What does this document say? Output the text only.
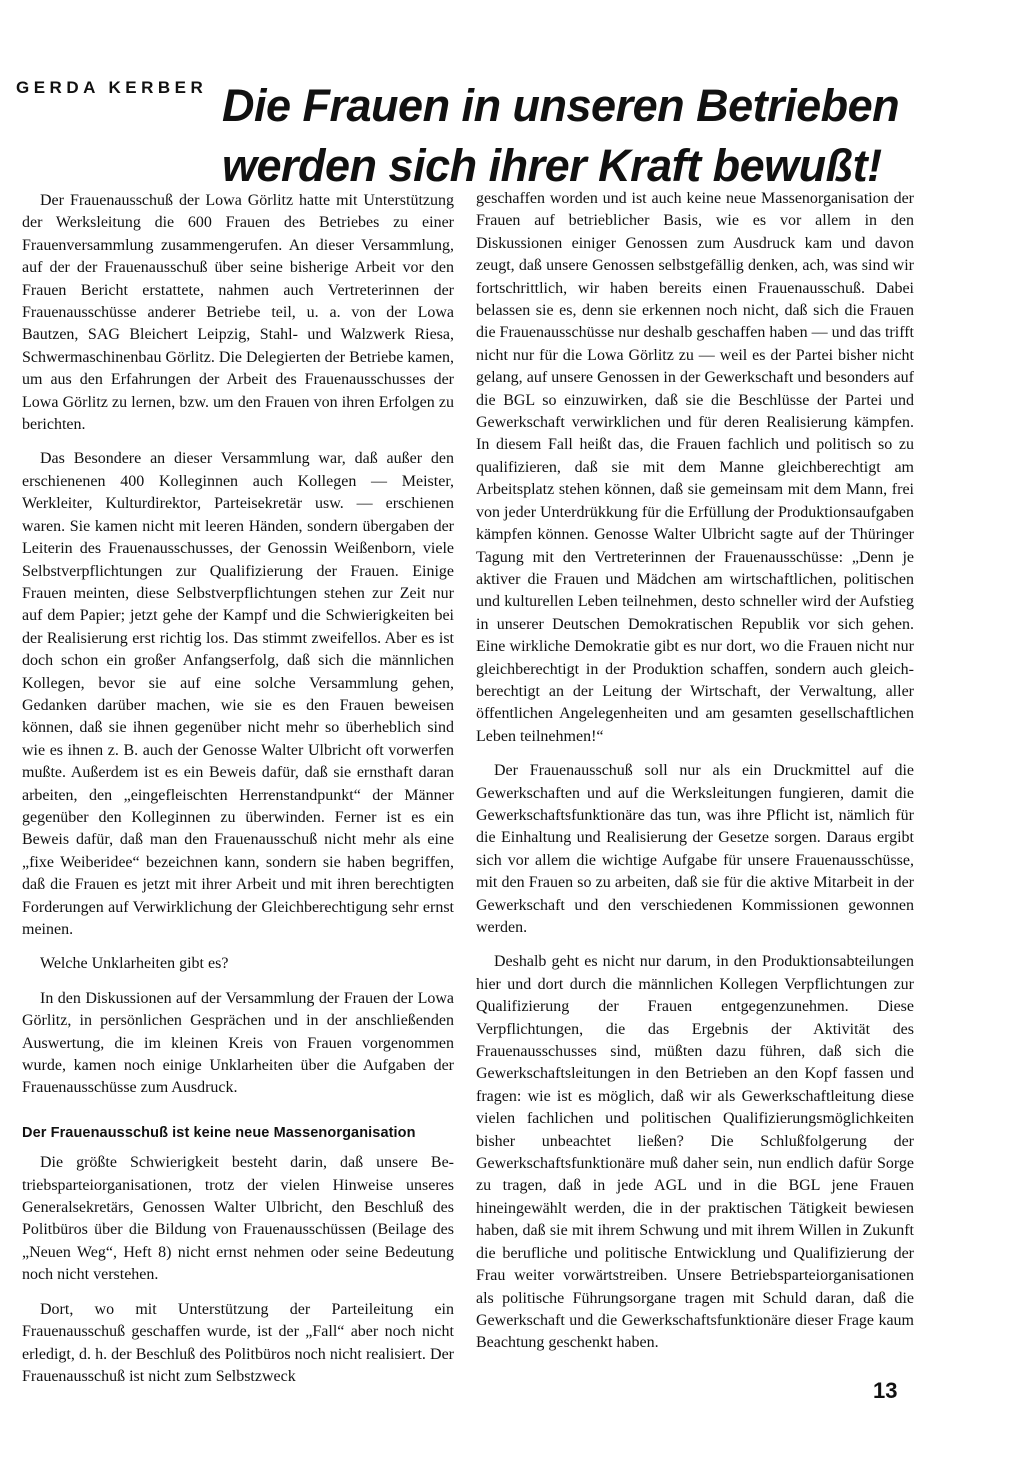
GERDA KERBER Die Frauen in unseren Betrieben
werden sich ihrer Kraft bewußt!

Der Frauenausschuß der Lowa Görlitz hatte mit Unterstützung der Werksleitung die 600 Frauen des Betriebes zu einer Frauenversammlung zusammengerufen. An dieser Versammlung, auf der der Frauenausschuß über seine bisherige Arbeit vor den Frauen Bericht erstattete, nahmen auch Vertreterinnen der Frauenausschüsse anderer Betriebe teil, u. a. von der Lowa Bautzen, SAG Bleichert Leipzig, Stahl- und Walzwerk Riesa, Schwermaschinenbau Görlitz. Die Delegierten der Betriebe kamen, um aus den Erfahrungen der Arbeit des Frauenausschusses der Lowa Görlitz zu lernen, bzw. um den Frauen von ihren Erfolgen zu berichten.

Das Besondere an dieser Versammlung war, daß außer den erschienenen 400 Kolleginnen auch Kollegen — Meister, Werkleiter, Kulturdirektor, Parteisekretär usw. — erschienen waren. Sie kamen nicht mit leeren Händen, sondern übergaben der Leiterin des Frauenausschusses, der Genossin Weißenborn, viele Selbstverpflichtungen zur Qualifizierung der Frauen. Einige Frauen meinten, diese Selbstverpflichtungen stehen zur Zeit nur auf dem Papier; jetzt gehe der Kampf und die Schwierigkeiten bei der Realisierung erst richtig los. Das stimmt zweifellos. Aber es ist doch schon ein großer Anfangserfolg, daß sich die männlichen Kollegen, bevor sie auf eine solche Versammlung gehen, Gedanken darüber machen, wie sie es den Frauen beweisen können, daß sie ihnen gegenüber nicht mehr so überheblich sind wie es ihnen z. B. auch der Genosse Walter Ulbricht oft vorwerfen mußte. Außerdem ist es ein Beweis dafür, daß sie ernsthaft daran arbeiten, den „eingefleischten Herrenstandpunkt“ der Männer gegenüber den Kolleginnen zu überwinden. Ferner ist es ein Beweis dafür, daß man den Frauenausschuß nicht mehr als eine „fixe Weiberidee“ bezeichnen kann, sondern sie haben begriffen, daß die Frauen es jetzt mit ihrer Arbeit und mit ihren berechtigten Forderungen auf Verwirklichung der Gleichberechtigung sehr ernst meinen.

Welche Unklarheiten gibt es?

In den Diskussionen auf der Versammlung der Frauen der Lowa Görlitz, in persönlichen Gesprächen und in der anschließenden Auswertung, die im kleinen Kreis von Frauen vorgenommen wurde, kamen noch einige Unklarheiten über die Aufgaben der Frauenausschüsse zum Ausdruck.

Der Frauenausschuß ist keine neue Massenorganisation

Die größte Schwierigkeit besteht darin, daß unsere Betriebsparteiorganisationen, trotz der vielen Hinweise unseres Generalsekretärs, Genossen Walter Ulbricht, den Beschluß des Politbüros über die Bildung von Frauenausschüssen (Beilage des „Neuen Weg“, Heft 8) nicht ernst nehmen oder seine Bedeutung noch nicht verstehen.

Dort, wo mit Unterstützung der Parteileitung ein Frauenausschuß geschaffen wurde, ist der „Fall“ aber noch nicht erledigt, d. h. der Beschluß des Politbüros noch nicht realisiert. Der Frauenausschuß ist nicht zum Selbstzweck

geschaffen worden und ist auch keine neue Massenorganisation der Frauen auf betrieblicher Basis, wie es vor allem in den Diskussionen einiger Genossen zum Ausdruck kam und davon zeugt, daß unsere Genossen selbstgefällig denken, ach, was sind wir fortschrittlich, wir haben bereits einen Frauenausschuß. Dabei belassen sie es, denn sie erkennen noch nicht, daß sich die Frauen die Frauenausschüsse nur deshalb geschaffen haben — und das trifft nicht nur für die Lowa Görlitz zu — weil es der Partei bisher nicht gelang, auf unsere Genossen in der Gewerkschaft und besonders auf die BGL so einzuwirken, daß sie die Beschlüsse der Partei und Gewerkschaft verwirklichen und für deren Realisierung kämpfen. In diesem Fall heißt das, die Frauen fachlich und politisch so zu qualifizieren, daß sie mit dem Manne gleichberechtigt am Arbeitsplatz stehen können, daß sie gemeinsam mit dem Mann, frei von jeder Unterdrükkung für die Erfüllung der Produktionsaufgaben kämpfen können. Genosse Walter Ulbricht sagte auf der Thüringer Tagung mit den Vertreterinnen der Frauenausschüsse: „Denn je aktiver die Frauen und Mädchen am wirtschaftlichen, politischen und kulturellen Leben teilnehmen, desto schneller wird der Aufstieg in unserer Deutschen Demokratischen Republik vor sich gehen. Eine wirkliche Demokratie gibt es nur dort, wo die Frauen nicht nur gleichberechtigt in der Produktion schaffen, sondern auch gleichberechtigt an der Leitung der Wirtschaft, der Verwaltung, aller öffentlichen Angelegenheiten und am gesamten gesellschaftlichen Leben teilnehmen!“

Der Frauenausschuß soll nur als ein Druckmittel auf die Gewerkschaften und auf die Werksleitungen fungieren, damit die Gewerkschaftsfunktionäre das tun, was ihre Pflicht ist, nämlich für die Einhaltung und Realisierung der Gesetze sorgen. Daraus ergibt sich vor allem die wichtige Aufgabe für unsere Frauenausschüsse, mit den Frauen so zu arbeiten, daß sie für die aktive Mitarbeit in der Gewerkschaft und den verschiedenen Kommissionen gewonnen werden.

Deshalb geht es nicht nur darum, in den Produktionsabteilungen hier und dort durch die männlichen Kollegen Verpflichtungen zur Qualifizierung der Frauen entgegenzunehmen. Diese Verpflichtungen, die das Ergebnis der Aktivität des Frauenausschusses sind, müßten dazu führen, daß sich die Gewerkschaftsleitungen in den Betrieben an den Kopf fassen und fragen: wie ist es möglich, daß wir als Gewerkschaftleitung diese vielen fachlichen und politischen Qualifizierungsmöglichkeiten bisher unbeachtet ließen? Die Schlußfolgerung der Gewerkschaftsfunktionäre muß daher sein, nun endlich dafür Sorge zu tragen, daß in jede AGL und in die BGL jene Frauen hineingewählt werden, die in der praktischen Tätigkeit bewiesen haben, daß sie mit ihrem Schwung und mit ihrem Willen in Zukunft die berufliche und politische Entwicklung und Qualifizierung der Frau weiter vorwärtstreiben. Unsere Betriebsparteiorganisationen als politische Führungsorgane tragen mit Schuld daran, daß die Gewerkschaft und die Gewerkschaftsfunktionäre dieser Frage kaum Beachtung geschenkt haben.

13
